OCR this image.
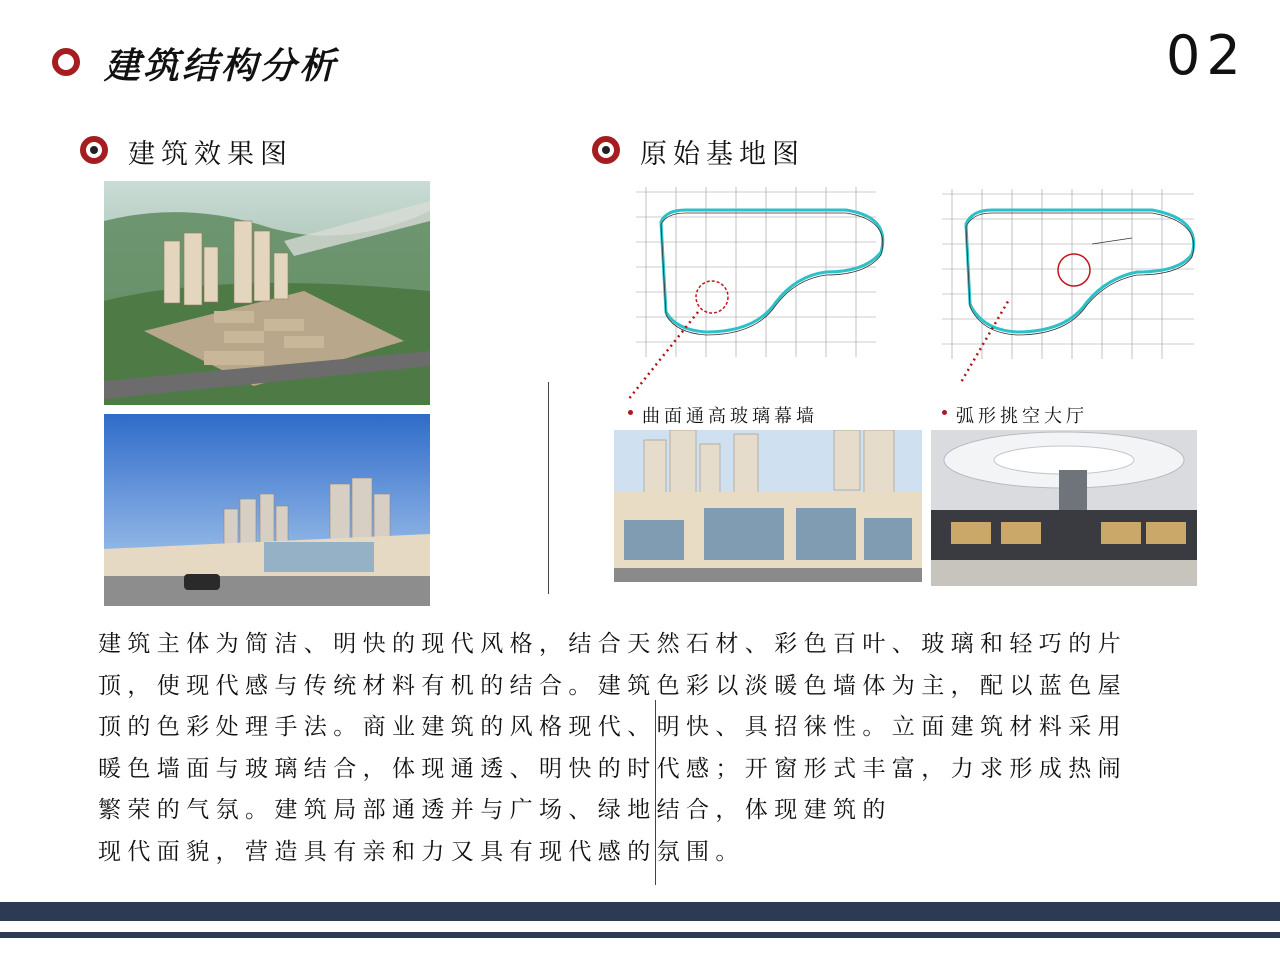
建筑结构分析	02
建筑效果图	原始基地图
曲面通高玻璃幕墙	弧形挑空大厅
建筑主体为简洁、明快的现代风格，结合天然石材、彩色百叶、玻璃和轻巧的片
顶，使现代感与传统材料有机的结合。建筑色彩以淡暖色墙体为主，配以蓝色屋
顶的色彩处理手法。商业建筑的风格现代、明快、具招徕性。立面建筑材料采用
暖色墙面与玻璃结合，体现通透、明快的时代感；开窗形式丰富，力求形成热闹
繁荣的气氛。建筑局部通透并与广场、绿地结合，体现建筑的
现代面貌，营造具有亲和力又具有现代感的氛围。
